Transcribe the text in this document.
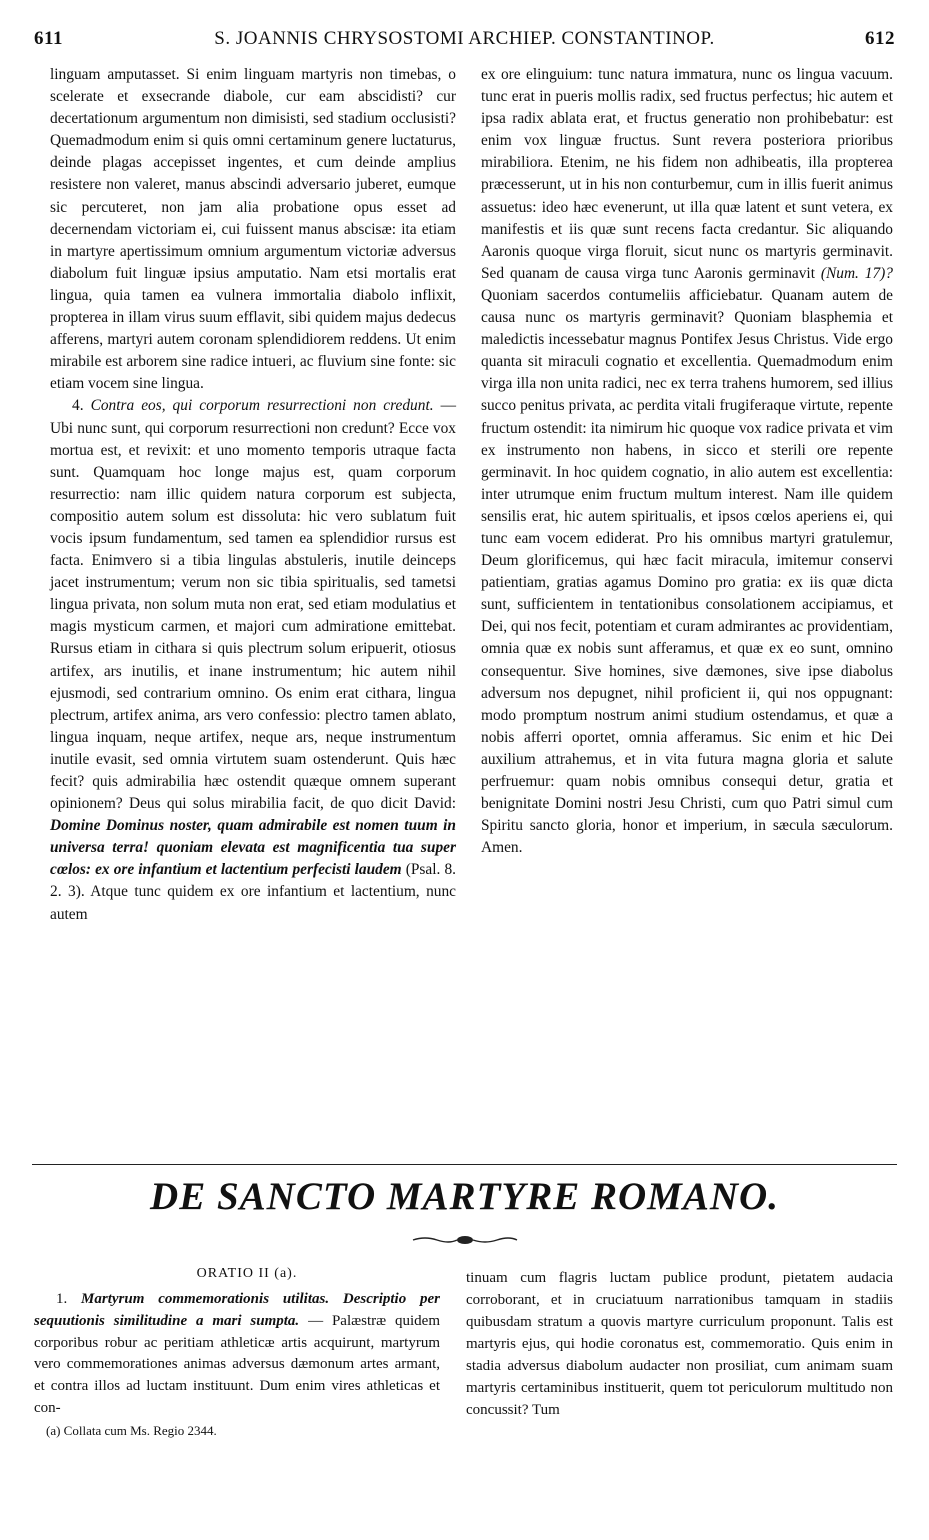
611	S. JOANNIS CHRYSOSTOMI ARCHIEP. CONSTANTINOP.	612

linguam amputasset. Si enim linguam martyris non timebas, o scelerate et exsecrande diabole, cur eam abscidisti? cur decertationum argumentum non dimisisti, sed stadium occlusisti? Quemadmodum enim si quis omni certaminum genere luctaturus, deinde plagas accepisset ingentes, et cum deinde amplius resistere non valeret, manus abscindi adversario juberet, eumque sic percuteret, non jam alia probatione opus esset ad decernendam victoriam ei, cui fuissent manus abscisæ: ita etiam in martyre apertissimum omnium argumentum victoriæ adversus diabolum fuit linguæ ipsius amputatio. Nam etsi mortalis erat lingua, quia tamen ea vulnera immortalia diabolo inflixit, propterea in illam virus suum efflavit, sibi quidem majus dedecus afferens, martyri autem coronam splendidiorem reddens. Ut enim mirabile est arborem sine radice intueri, ac fluvium sine fonte: sic etiam vocem sine lingua.

4. Contra eos, qui corporum resurrectioni non credunt. — Ubi nunc sunt, qui corporum resurrectioni non credunt? Ecce vox mortua est, et revixit: et uno momento temporis utraque facta sunt. Quamquam hoc longe majus est, quam corporum resurrectio: nam illic quidem natura corporum est subjecta, compositio autem solum est dissoluta: hic vero sublatum fuit vocis ipsum fundamentum, sed tamen ea splendidior rursus est facta. Enimvero si a tibia lingulas abstuleris, inutile deinceps jacet instrumentum; verum non sic tibia spiritualis, sed tametsi lingua privata, non solum muta non erat, sed etiam modulatius et magis mysticum carmen, et majori cum admiratione emittebat. Rursus etiam in cithara si quis plectrum solum eripuerit, otiosus artifex, ars inutilis, et inane instrumentum; hic autem nihil ejusmodi, sed contrarium omnino. Os enim erat cithara, lingua plectrum, artifex anima, ars vero confessio: plectro tamen ablato, lingua inquam, neque artifex, neque ars, neque instrumentum inutile evasit, sed omnia virtutem suam ostenderunt. Quis hæc fecit? quis admirabilia hæc ostendit quæque omnem superant opinionem? Deus qui solus mirabilia facit, de quo dicit David: Domine Dominus noster, quam admirabile est nomen tuum in universa terra! quoniam elevata est magnificentia tua super cœlos: ex ore infantium et lactentium perfecisti laudem (Psal. 8. 2. 3). Atque tunc quidem ex ore infantium et lactentium, nunc autem

ex ore elinguium: tunc natura immatura, nunc os lingua vacuum. tunc erat in pueris mollis radix, sed fructus perfectus; hic autem et ipsa radix ablata erat, et fructus generatio non prohibebatur: est enim vox linguæ fructus. Sunt revera posteriora prioribus mirabiliora. Etenim, ne his fidem non adhibeatis, illa propterea præcesserunt, ut in his non conturbemur, cum in illis fuerit animus assuetus: ideo hæc evenerunt, ut illa quæ latent et sunt vetera, ex manifestis et iis quæ sunt recens facta credantur. Sic aliquando Aaronis quoque virga floruit, sicut nunc os martyris germinavit. Sed quanam de causa virga tunc Aaronis germinavit (Num. 17)? Quoniam sacerdos contumeliis afficiebatur. Quanam autem de causa nunc os martyris germinavit? Quoniam blasphemia et maledictis incessebatur magnus Pontifex Jesus Christus. Vide ergo quanta sit miraculi cognatio et excellentia. Quemadmodum enim virga illa non unita radici, nec ex terra trahens humorem, sed illius succo penitus privata, ac perdita vitali frugiferaque virtute, repente fructum ostendit: ita nimirum hic quoque vox radice privata et vim ex instrumento non habens, in sicco et sterili ore repente germinavit. In hoc quidem cognatio, in alio autem est excellentia: inter utrumque enim fructum multum interest. Nam ille quidem sensilis erat, hic autem spiritualis, et ipsos cœlos aperiens ei, qui tunc eam vocem ediderat. Pro his omnibus martyri gratulemur, Deum glorificemus, qui hæc facit miracula, imitemur conservi patientiam, gratias agamus Domino pro gratia: ex iis quæ dicta sunt, sufficientem in tentationibus consolationem accipiamus, et Dei, qui nos fecit, potentiam et curam admirantes ac providentiam, omnia quæ ex nobis sunt afferamus, et quæ ex eo sunt, omnino consequentur. Sive homines, sive dæmones, sive ipse diabolus adversum nos depugnet, nihil proficient ii, qui nos oppugnant: modo promptum nostrum animi studium ostendamus, et quæ a nobis afferri oportet, omnia afferamus. Sic enim et hic Dei auxilium attrahemus, et in vita futura magna gloria et salute perfruemur: quam nobis omnibus consequi detur, gratia et benignitate Domini nostri Jesu Christi, cum quo Patri simul cum Spiritu sancto gloria, honor et imperium, in sæcula sæculorum. Amen.

DE SANCTO MARTYRE ROMANO.
ORATIO II (a).

1. Martyrum commemorationis utilitas. Descriptio per sequutionis similitudine a mari sumpta. — Palæstræ quidem corporibus robur ac peritiam athleticæ artis acquirunt, martyrum vero commemorationes animas adversus dæmonum artes armant, et contra illos ad luctam instituunt. Dum enim vires athleticas et con-

(a) Collata cum Ms. Regio 2344.

tinuam cum flagris luctam publice produnt, pietatem audacia corroborant, et in cruciatuum narrationibus tamquam in stadiis quibusdam stratum a quovis martyre curriculum proponunt. Talis est martyris ejus, qui hodie coronatus est, commemoratio. Quis enim in stadia adversus diabolum audacter non prosiliat, cum animam suam martyris certaminibus instituerit, quem tot periculorum multitudo non concussit? Tum
